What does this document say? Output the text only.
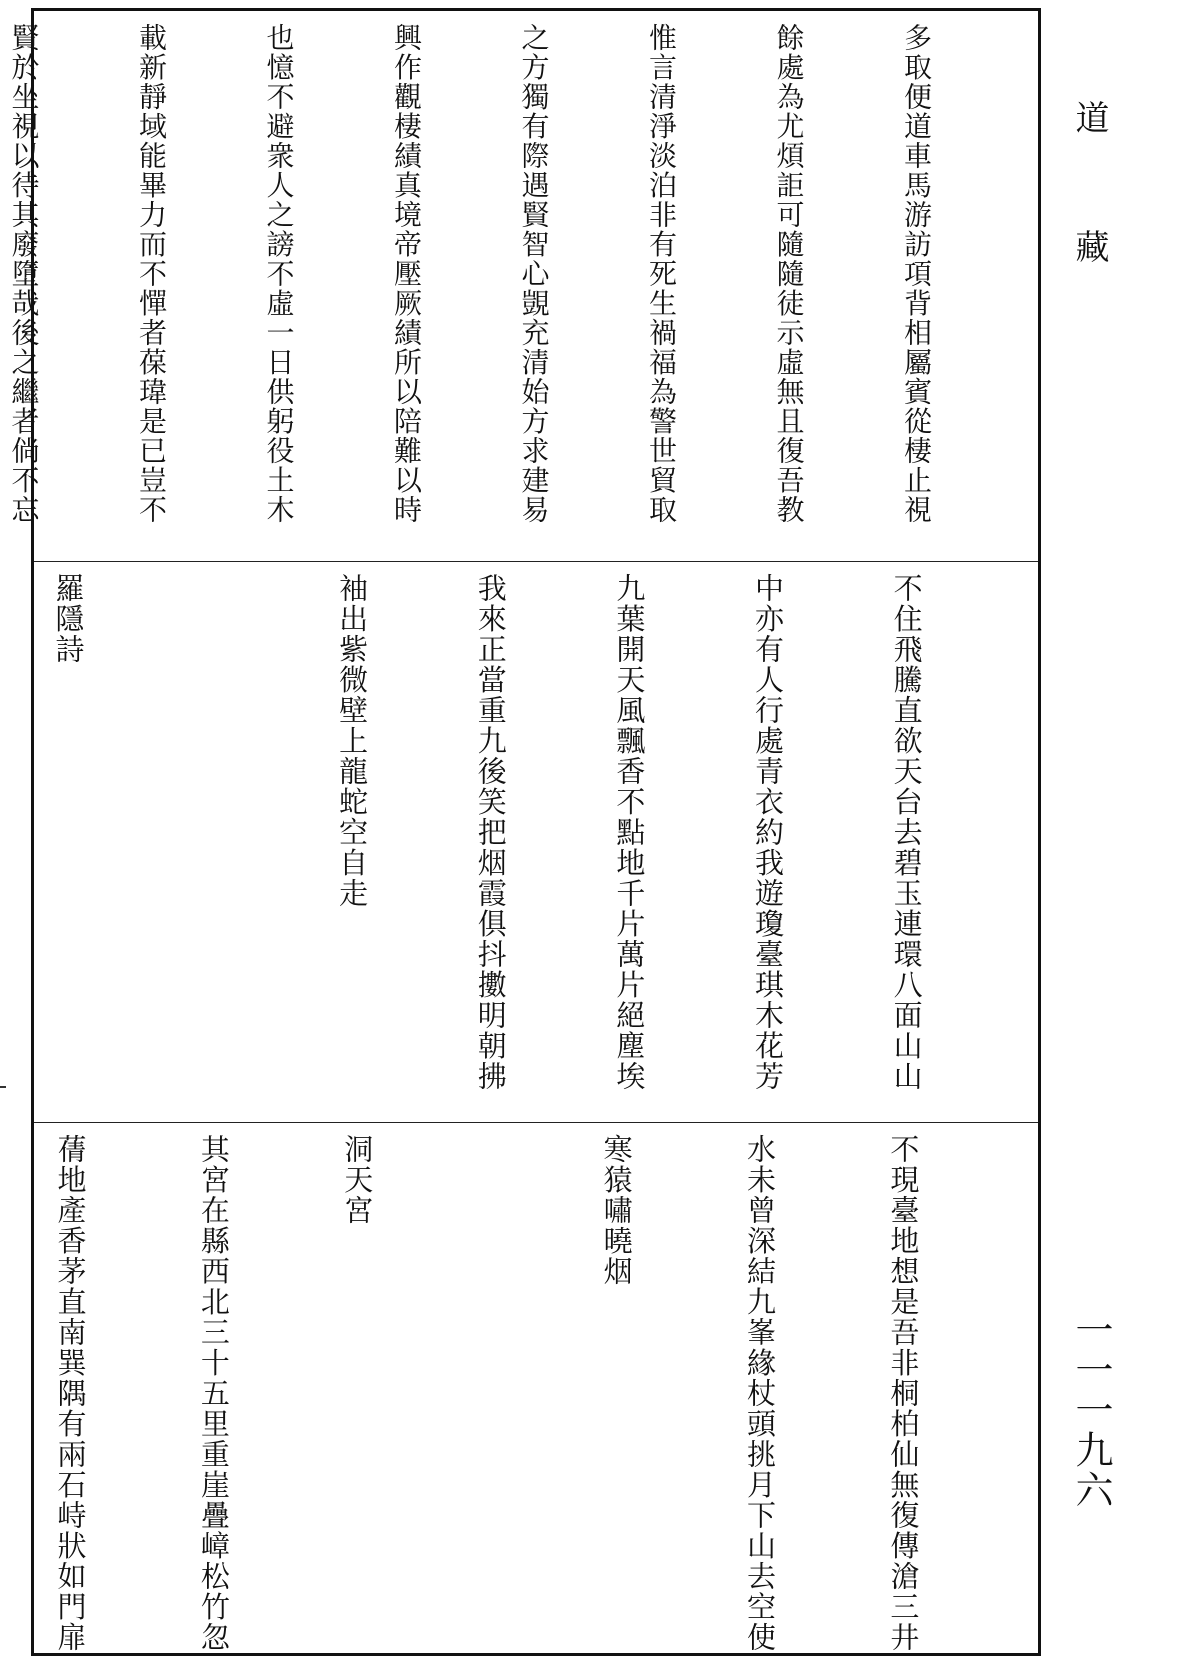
多取便道車馬游訪項背相屬賓從棲止視

餘處為尤煩詎可隨隨徒示虛無且復吾教

惟言清淨淡泊非有死生禍福為警世貿取

之方獨有際遇賢智心覬充清始方求建易

興作觀棲績真境帝壓厥績所以陪難以時

也憶不避衆人之謗不虛一日供躬役土木

載新靜域能畢力而不憚者葆瑋是已豈不

賢於坐視以待其廢墮哉後之繼者倘不忘

不住飛騰直欲天台去碧玉連環八面山山

中亦有人行處青衣約我遊瓊臺琪木花芳

九葉開天風飄香不點地千片萬片絕塵埃

我來正當重九後笑把烟霞俱抖擻明朝拂

袖出紫微壁上龍蛇空自走

羅隱詩

不現臺地想是吾非桐柏仙無復傳滄三井

水未曾深結九峯緣杖頭挑月下山去空使

寒猿嘯曉烟

洞天宮

其宮在縣西北三十五里重崖疊嶂松竹忽

蒨地產香茅直南巽隅有兩石峙狀如門扉

道藏
一一一九六
